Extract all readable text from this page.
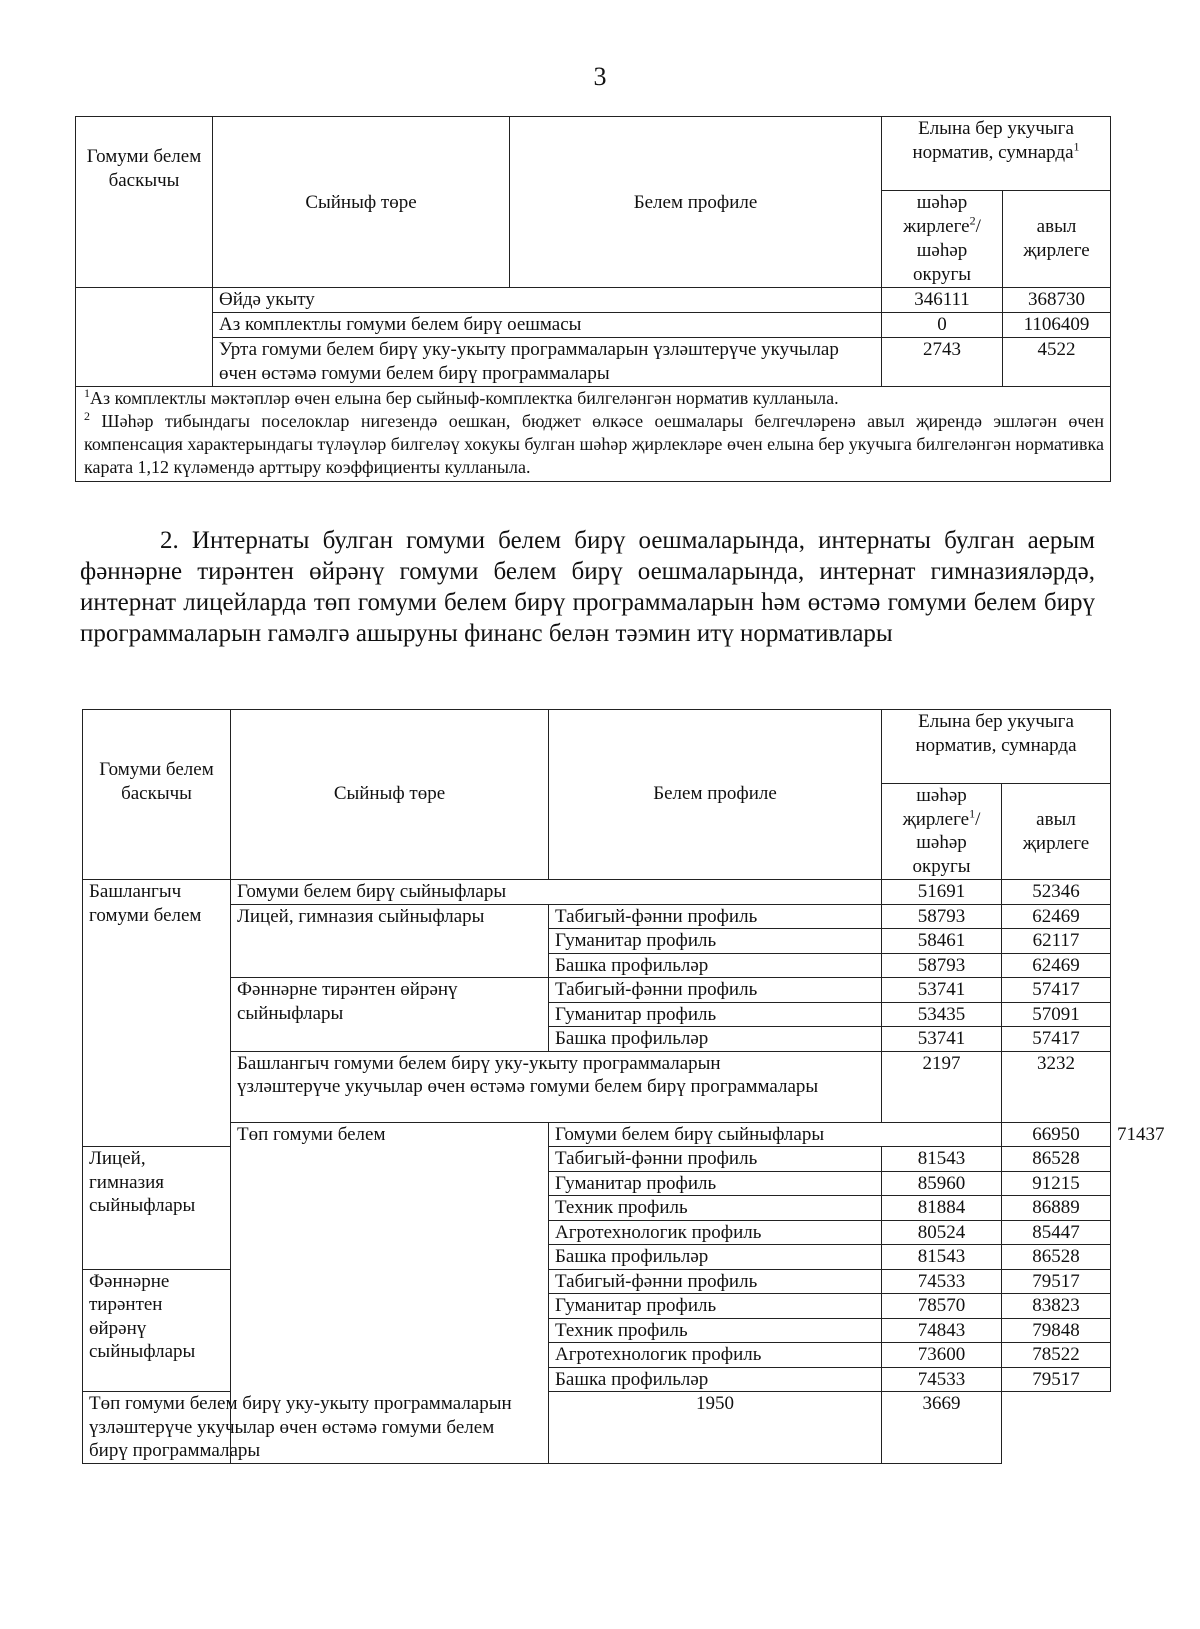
3
Гомуми белем баскычы	Сыйныф төре	Белем профиле	Елына бер укучыга норматив, сумнарда$^1$
			шәһәр жирлеге$^2$/ шәһәр округы	авыл җирлеге
	Өйдә укыту		346111	368730
	Аз комплектлы гомуми белем бирү оешмасы		0	1106409
	Урта гомуми белем бирү уку-укыту программаларын үзләштерүче укучылар өчен өстәмә гомуми белем бирү программалары		2743	4522

$^1$Аз комплектлы мәктәпләр өчен елына бер сыйныф-комплектка билгеләнгән норматив кулланыла.
$^2$ Шәһәр тибындагы поселоклар нигезендә оешкан, бюджет өлкәсе оешмалары белгечләренә авыл җирендә эшләгән өчен компенсация характерындагы түләүләр билгеләү хокукы булган шәһәр җирлекләре өчен елына бер укучыга билгеләнгән нормативка карата 1,12 күләмендә арттыру коэффициенты кулланыла.				
2. Интернаты булган гомуми белем бирү оешмаларында, интернаты булган аерым фәннәрне тирәнтен өйрәнү гомуми белем бирү оешмаларында, интернат гимназияләрдә, интернат лицейларда төп гомуми белем бирү программаларын һәм өстәмә гомуми белем бирү программаларын гамәлгә ашыруны финанс белән тәэмин итү нормативлары
Гомуми белем баскычы	Сыйныф төре	Белем профиле	Елына бер укучыга норматив, сумнарда		
			шәһәр җирлеге$^1$/ шәһәр округы	авыл җирлеге	
Башлангыч гомуми белем	Гомуми белем бирү сыйныфлары		51691	52346	
	Лицей, гимназия сыйныфлары	Табигый-фәнни профиль	58793	62469	
		Гуманитар профиль	58461	62117	
		Башка профильләр	58793	62469	
	Фәннәрне тирәнтен өйрәнү сыйныфлары	Табигый-фәнни профиль	53741	57417	
		Гуманитар профиль	53435	57091	
		Башка профильләр	53741	57417	
	Башлангыч гомуми белем бирү уку-укыту программаларын үзләштерүче укучылар өчен өстәмә гомуми белем бирү программалары		2197	3232	
	Төп гомуми белем	Гомуми белем бирү сыйныфлары		66950	71437
Лицей, гимназия сыйныфлары		Табигый-фәнни профиль	81543	86528	
		Гуманитар профиль	85960	91215	
		Техник профиль	81884	86889	
		Агротехнологик профиль	80524	85447	
		Башка профильләр	81543	86528	
Фәннәрне тирәнтен өйрәнү сыйныфлары		Табигый-фәнни профиль	74533	79517	
		Гуманитар профиль	78570	83823	
		Техник профиль	74843	79848	
		Агротехнологик профиль	73600	78522	
		Башка профильләр	74533	79517	
Төп гомуми белем бирү уку-укыту программаларын үзләштерүче укучылар өчен өстәмә гомуми белем бирү программалары		1950	3669		
